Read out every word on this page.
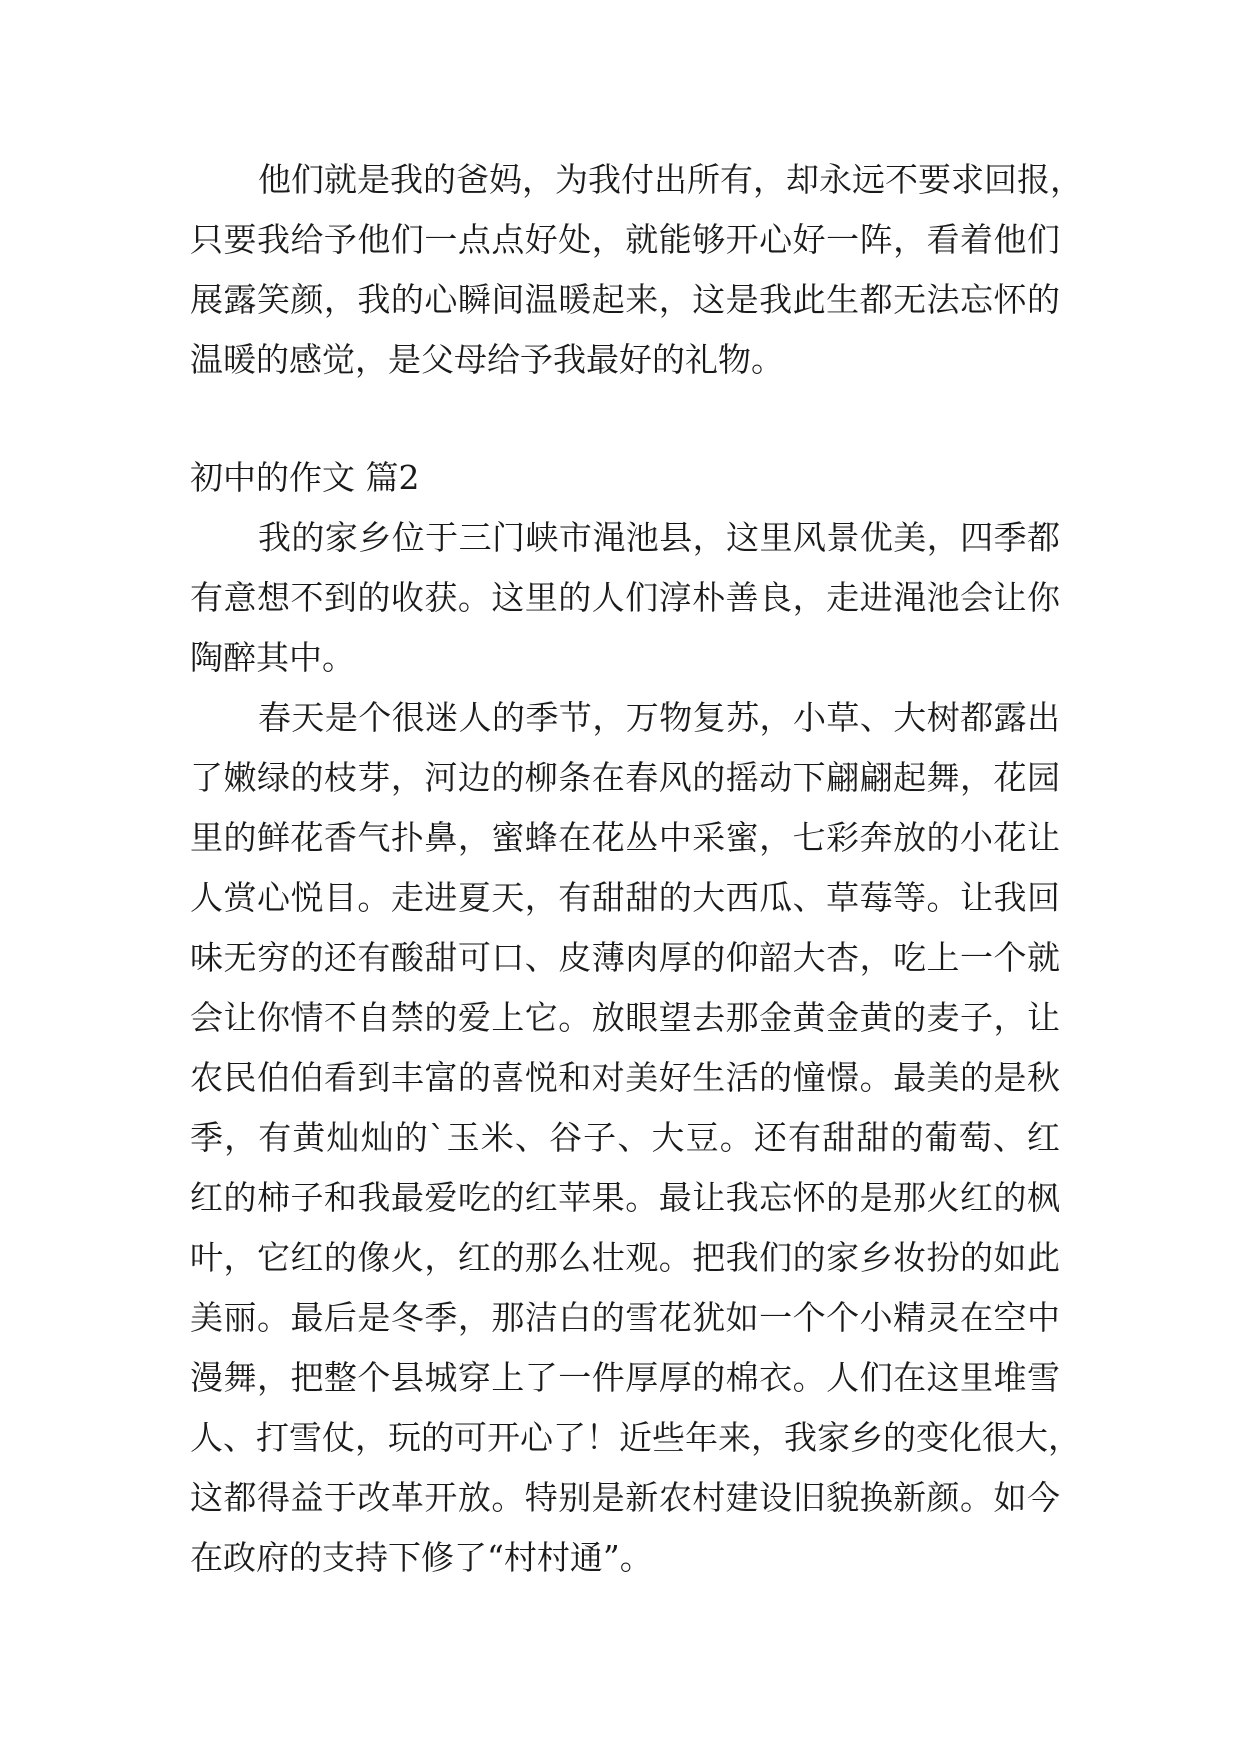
他们就是我的爸妈，为我付出所有，却永远不要求回报，
只要我给予他们一点点好处，就能够开心好一阵，看着他们
展露笑颜，我的心瞬间温暖起来，这是我此生都无法忘怀的
温暖的感觉，是父母给予我最好的礼物。
初中的作文 篇2
我的家乡位于三门峡市渑池县，这里风景优美，四季都
有意想不到的收获。这里的人们淳朴善良，走进渑池会让你
陶醉其中。
春天是个很迷人的季节，万物复苏，小草、大树都露出
了嫩绿的枝芽，河边的柳条在春风的摇动下翩翩起舞，花园
里的鲜花香气扑鼻，蜜蜂在花丛中采蜜，七彩奔放的小花让
人赏心悦目。走进夏天，有甜甜的大西瓜、草莓等。让我回
味无穷的还有酸甜可口、皮薄肉厚的仰韶大杏，吃上一个就
会让你情不自禁的爱上它。放眼望去那金黄金黄的麦子，让
农民伯伯看到丰富的喜悦和对美好生活的憧憬。最美的是秋
季，有黄灿灿的`玉米、谷子、大豆。还有甜甜的葡萄、红
红的柿子和我最爱吃的红苹果。最让我忘怀的是那火红的枫
叶，它红的像火，红的那么壮观。把我们的家乡妆扮的如此
美丽。最后是冬季，那洁白的雪花犹如一个个小精灵在空中
漫舞，把整个县城穿上了一件厚厚的棉衣。人们在这里堆雪
人、打雪仗，玩的可开心了！近些年来，我家乡的变化很大，
这都得益于改革开放。特别是新农村建设旧貌换新颜。如今
在政府的支持下修了“村村通”。
